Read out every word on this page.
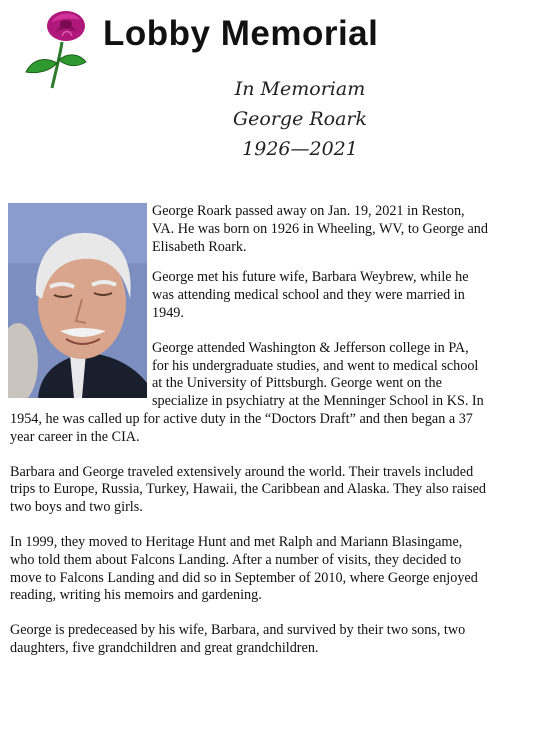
Lobby Memorial
In Memoriam
George Roark
1926—2021

George Roark passed away on Jan. 19, 2021 in Reston, VA. He was born on 1926 in Wheeling, WV, to George and Elisabeth Roark.

George met his future wife, Barbara Weybrew, while he was attending medical school and they were married in 1949.

George attended Washington & Jefferson college in PA, for his undergraduate studies, and went to medical school at the University of Pittsburgh. George went on the specialize in psychiatry at the Menninger School in KS. In 1954, he was called up for active duty in the “Doctors Draft” and then began a 37 year career in the CIA.

Barbara and George traveled extensively around the world. Their travels included trips to Europe, Russia, Turkey, Hawaii, the Caribbean and Alaska. They also raised two boys and two girls.

In 1999, they moved to Heritage Hunt and met Ralph and Mariann Blasingame, who told them about Falcons Landing. After a number of visits, they decided to move to Falcons Landing and did so in September of 2010, where George enjoyed reading, writing his memoirs and gardening.

George is predeceased by his wife, Barbara, and survived by their two sons, two daughters, five grandchildren and great grandchildren.
